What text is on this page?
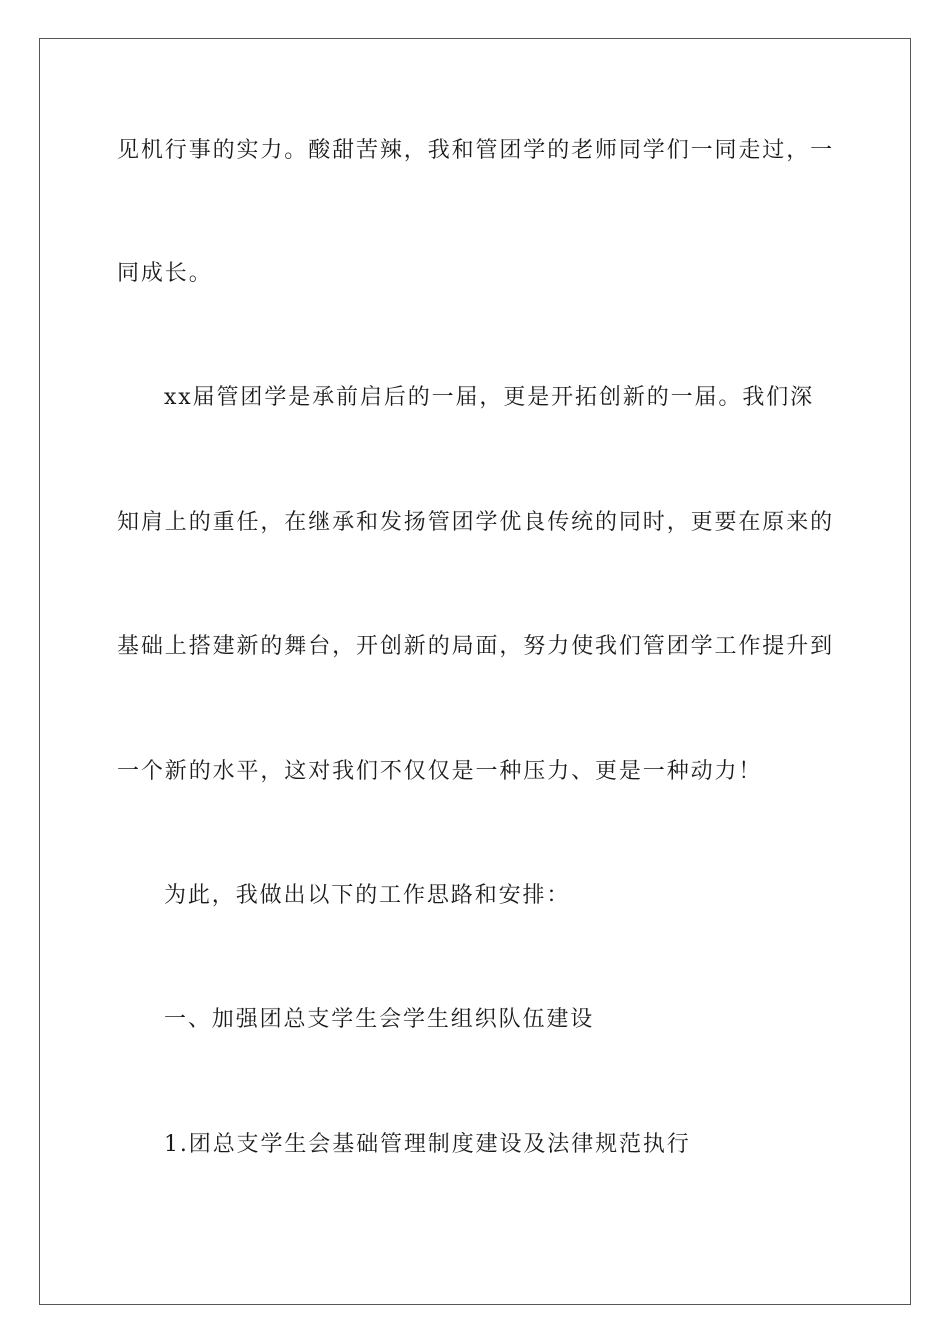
见机行事的实力。酸甜苦辣，我和管团学的老师同学们一同走过，一
同成长。
xx届管团学是承前启后的一届，更是开拓创新的一届。我们深
知肩上的重任，在继承和发扬管团学优良传统的同时，更要在原来的
基础上搭建新的舞台，开创新的局面，努力使我们管团学工作提升到
一个新的水平，这对我们不仅仅是一种压力、更是一种动力！
为此，我做出以下的工作思路和安排：
一、加强团总支学生会学生组织队伍建设
1.团总支学生会基础管理制度建设及法律规范执行
